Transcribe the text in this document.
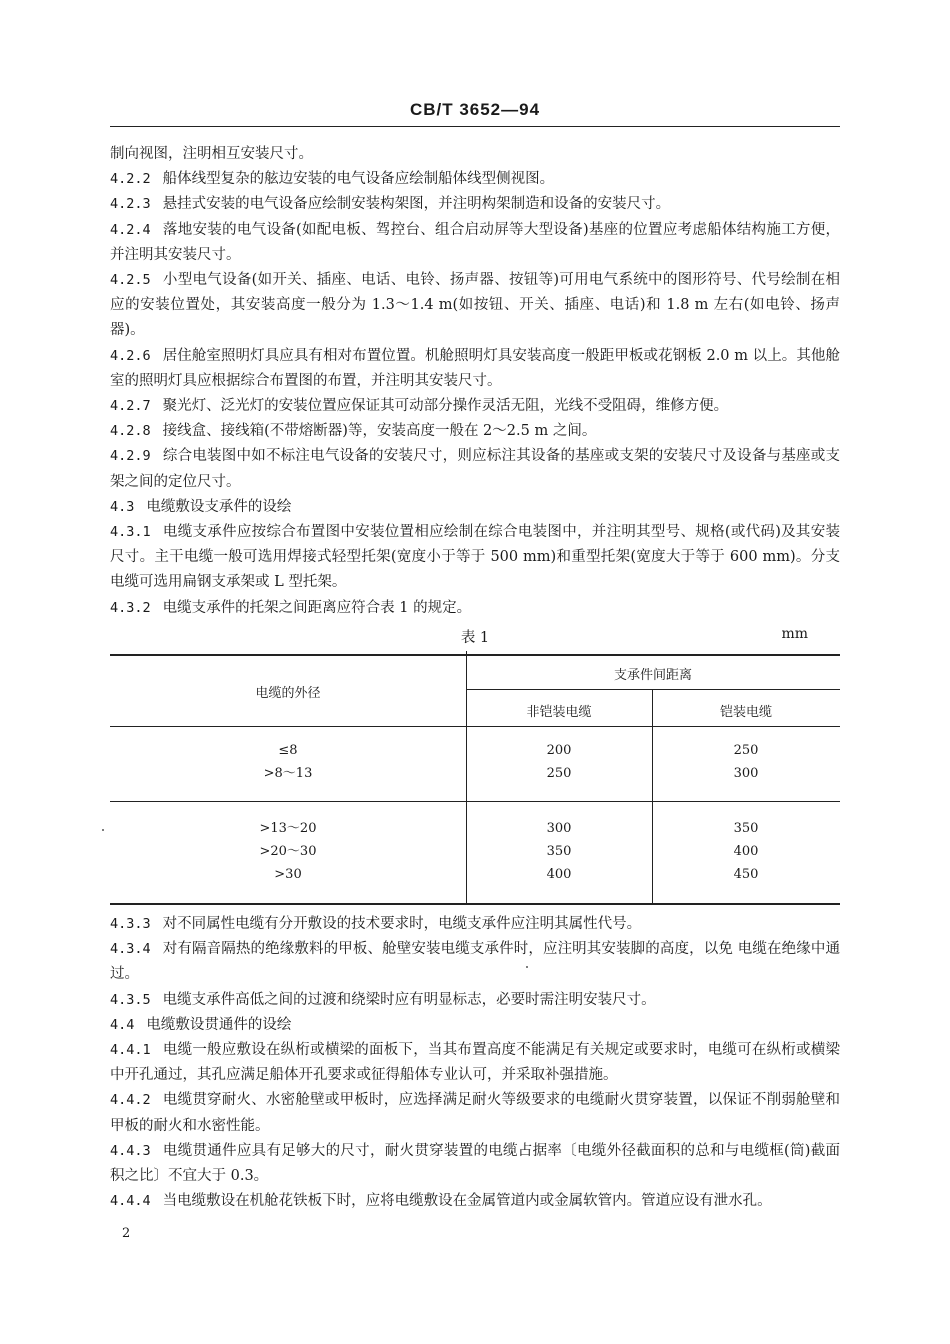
CB/T 3652—94

制向视图，注明相互安装尺寸。

4.2.2 船体线型复杂的舷边安装的电气设备应绘制船体线型侧视图。

4.2.3 悬挂式安装的电气设备应绘制安装构架图，并注明构架制造和设备的安装尺寸。

4.2.4 落地安装的电气设备(如配电板、驾控台、组合启动屏等大型设备)基座的位置应考虑船体结构施工方便，并注明其安装尺寸。

4.2.5 小型电气设备(如开关、插座、电话、电铃、扬声器、按钮等)可用电气系统中的图形符号、代号绘制在相应的安装位置处，其安装高度一般分为 1.3～1.4 m(如按钮、开关、插座、电话)和 1.8 m 左右(如电铃、扬声器)。

4.2.6 居住舱室照明灯具应具有相对布置位置。机舱照明灯具安装高度一般距甲板或花钢板 2.0 m 以上。其他舱室的照明灯具应根据综合布置图的布置，并注明其安装尺寸。

4.2.7 聚光灯、泛光灯的安装位置应保证其可动部分操作灵活无阻，光线不受阻碍，维修方便。

4.2.8 接线盒、接线箱(不带熔断器)等，安装高度一般在 2～2.5 m 之间。

4.2.9 综合电装图中如不标注电气设备的安装尺寸，则应标注其设备的基座或支架的安装尺寸及设备与基座或支架之间的定位尺寸。

4.3 电缆敷设支承件的设绘

4.3.1 电缆支承件应按综合布置图中安装位置相应绘制在综合电装图中，并注明其型号、规格(或代码)及其安装尺寸。主干电缆一般可选用焊接式轻型托架(宽度小于等于 500 mm)和重型托架(宽度大于等于 600 mm)。分支电缆可选用扁钢支承架或 L 型托架。

4.3.2 电缆支承件的托架之间距离应符合表 1 的规定。

表 1	mm
电缆的外径
支承件间距离
非铠装电缆	铠装电缆
≤8
>8～13
200
250
250
300
>13～20
>20～30
>30
300
350
400
350
400
450

4.3.3 对不同属性电缆有分开敷设的技术要求时，电缆支承件应注明其属性代号。

4.3.4 对有隔音隔热的绝缘敷料的甲板、舱壁安装电缆支承件时，应注明其安装脚的高度，以免 电缆在绝缘中通过。

4.3.5 电缆支承件高低之间的过渡和绕梁时应有明显标志，必要时需注明安装尺寸。

4.4 电缆敷设贯通件的设绘

4.4.1 电缆一般应敷设在纵桁或横梁的面板下，当其布置高度不能满足有关规定或要求时，电缆可在纵桁或横梁中开孔通过，其孔应满足船体开孔要求或征得船体专业认可，并采取补强措施。

4.4.2 电缆贯穿耐火、水密舱壁或甲板时，应选择满足耐火等级要求的电缆耐火贯穿装置，以保证不削弱舱壁和甲板的耐火和水密性能。

4.4.3 电缆贯通件应具有足够大的尺寸，耐火贯穿装置的电缆占据率〔电缆外径截面积的总和与电缆框(筒)截面积之比〕不宜大于 0.3。

4.4.4 当电缆敷设在机舱花铁板下时，应将电缆敷设在金属管道内或金属软管内。管道应设有泄水孔。

2
